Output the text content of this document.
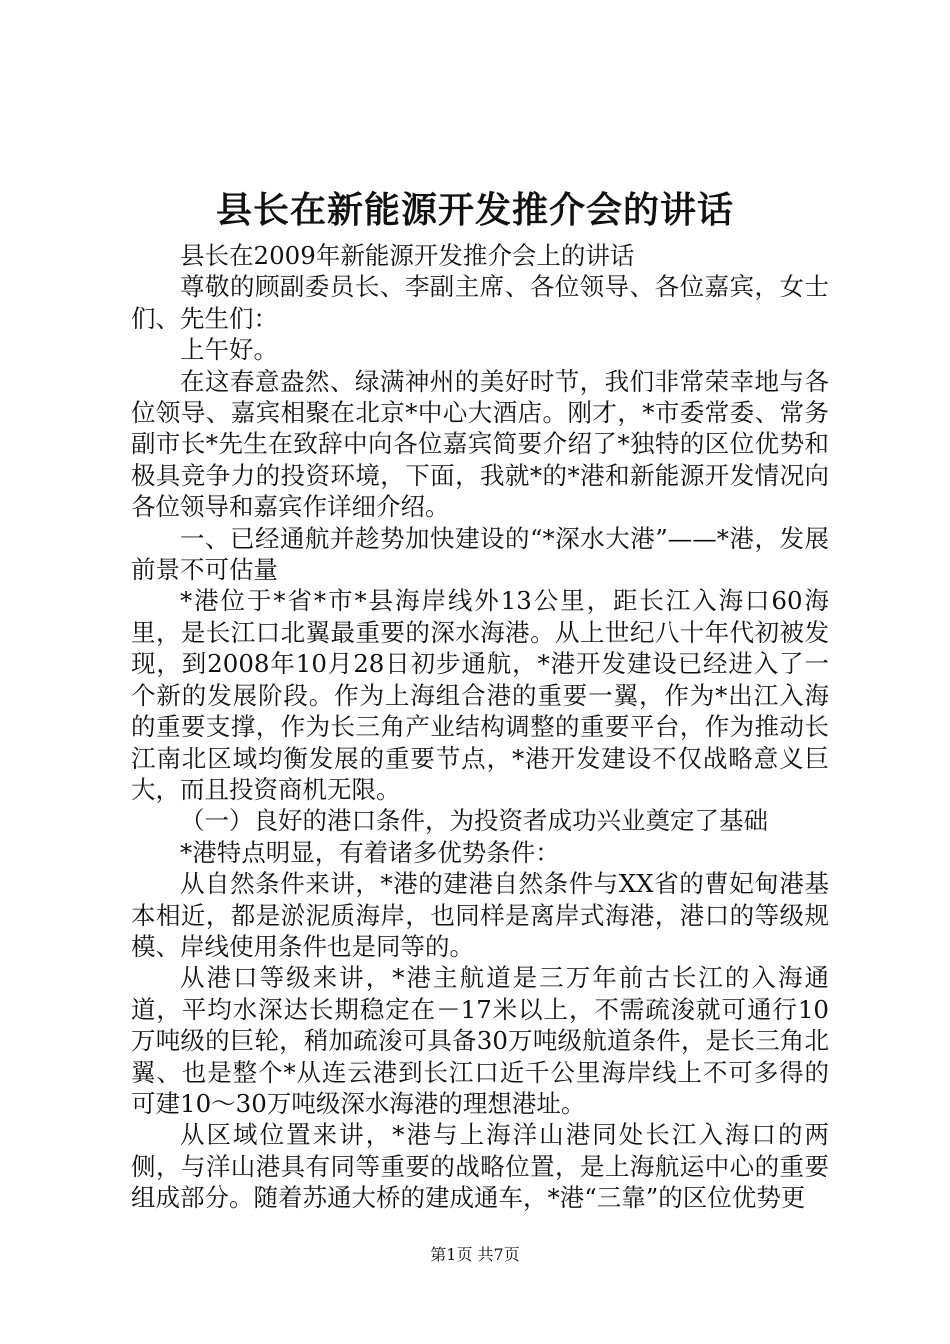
县长在新能源开发推介会的讲话

县长在2009年新能源开发推介会上的讲话

尊敬的顾副委员长、李副主席、各位领导、各位嘉宾，女士们、先生们：

上午好。

在这春意盎然、绿满神州的美好时节，我们非常荣幸地与各位领导、嘉宾相聚在北京*中心大酒店。刚才，*市委常委、常务副市长*先生在致辞中向各位嘉宾简要介绍了*独特的区位优势和极具竞争力的投资环境，下面，我就*的*港和新能源开发情况向各位领导和嘉宾作详细介绍。

一、已经通航并趁势加快建设的“*深水大港”——*港，发展前景不可估量

*港位于*省*市*县海岸线外13公里，距长江入海口60海里，是长江口北翼最重要的深水海港。从上世纪八十年代初被发现，到2008年10月28日初步通航，*港开发建设已经进入了一个新的发展阶段。作为上海组合港的重要一翼，作为*出江入海的重要支撑，作为长三角产业结构调整的重要平台，作为推动长江南北区域均衡发展的重要节点，*港开发建设不仅战略意义巨大，而且投资商机无限。

（一）良好的港口条件，为投资者成功兴业奠定了基础

*港特点明显，有着诸多优势条件：

从自然条件来讲，*港的建港自然条件与XX省的曹妃甸港基本相近，都是淤泥质海岸，也同样是离岸式海港，港口的等级规模、岸线使用条件也是同等的。

从港口等级来讲，*港主航道是三万年前古长江的入海通道，平均水深达长期稳定在－17米以上，不需疏浚就可通行10万吨级的巨轮，稍加疏浚可具备30万吨级航道条件，是长三角北翼、也是整个*从连云港到长江口近千公里海岸线上不可多得的可建10～30万吨级深水海港的理想港址。

从区域位置来讲，*港与上海洋山港同处长江入海口的两侧，与洋山港具有同等重要的战略位置，是上海航运中心的重要组成部分。随着苏通大桥的建成通车，*港“三靠”的区位优势更

第1页 共7页
